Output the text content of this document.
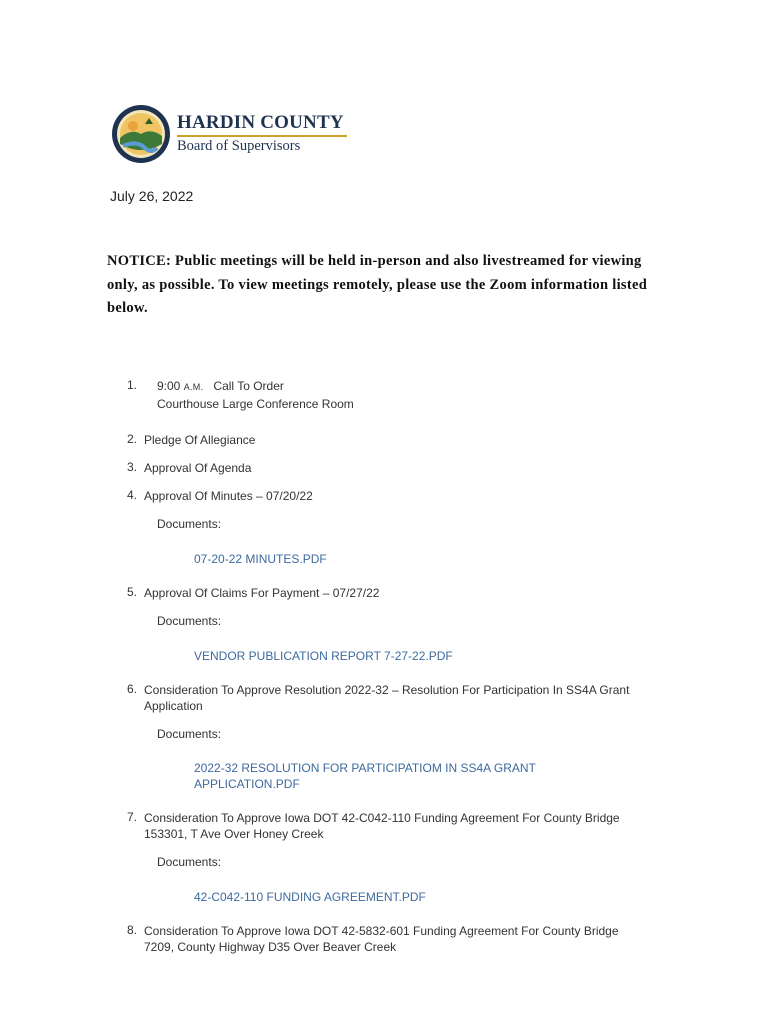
HARDIN COUNTY
Board of Supervisors
July 26, 2022
NOTICE: Public meetings will be held in-person and also livestreamed for viewing only, as possible. To view meetings remotely, please use the Zoom information listed below.
1. 9:00 A.M. Call To Order
Courthouse Large Conference Room
2. Pledge Of Allegiance
3. Approval Of Agenda
4. Approval Of Minutes – 07/20/22
Documents:
07-20-22 MINUTES.PDF
5. Approval Of Claims For Payment – 07/27/22
Documents:
VENDOR PUBLICATION REPORT 7-27-22.PDF
6. Consideration To Approve Resolution 2022-32 – Resolution For Participation In SS4A Grant Application
Documents:
2022-32 RESOLUTION FOR PARTICIPATIOM IN SS4A GRANT APPLICATION.PDF
7. Consideration To Approve Iowa DOT 42-C042-110 Funding Agreement For County Bridge 153301, T Ave Over Honey Creek
Documents:
42-C042-110 FUNDING AGREEMENT.PDF
8. Consideration To Approve Iowa DOT 42-5832-601 Funding Agreement For County Bridge 7209, County Highway D35 Over Beaver Creek
